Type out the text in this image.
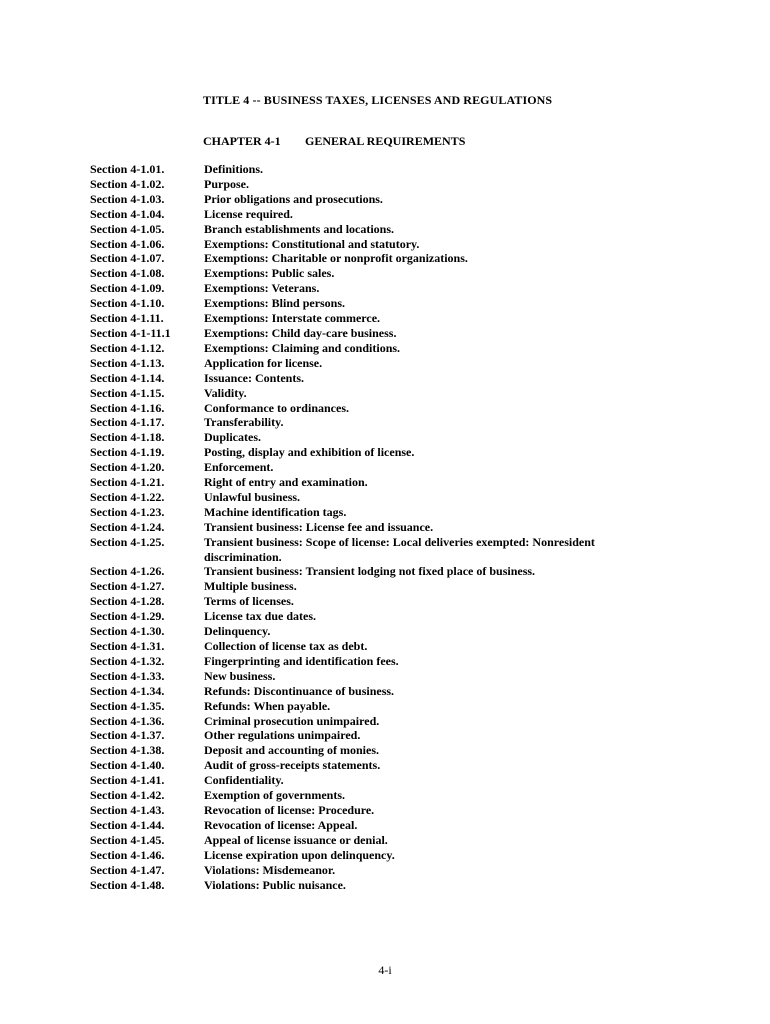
TITLE 4 -- BUSINESS TAXES, LICENSES AND REGULATIONS
CHAPTER 4-1 GENERAL REQUIREMENTS
Section 4-1.01.	Definitions.
Section 4-1.02.	Purpose.
Section 4-1.03.	Prior obligations and prosecutions.
Section 4-1.04.	License required.
Section 4-1.05.	Branch establishments and locations.
Section 4-1.06.	Exemptions: Constitutional and statutory.
Section 4-1.07.	Exemptions: Charitable or nonprofit organizations.
Section 4-1.08.	Exemptions: Public sales.
Section 4-1.09.	Exemptions: Veterans.
Section 4-1.10.	Exemptions: Blind persons.
Section 4-1.11.	Exemptions: Interstate commerce.
Section 4-1-11.1	Exemptions: Child day-care business.
Section 4-1.12.	Exemptions: Claiming and conditions.
Section 4-1.13.	Application for license.
Section 4-1.14.	Issuance: Contents.
Section 4-1.15.	Validity.
Section 4-1.16.	Conformance to ordinances.
Section 4-1.17.	Transferability.
Section 4-1.18.	Duplicates.
Section 4-1.19.	Posting, display and exhibition of license.
Section 4-1.20.	Enforcement.
Section 4-1.21.	Right of entry and examination.
Section 4-1.22.	Unlawful business.
Section 4-1.23.	Machine identification tags.
Section 4-1.24.	Transient business: License fee and issuance.
Section 4-1.25.	Transient business: Scope of license: Local deliveries exempted: Nonresident discrimination.
Section 4-1.26.	Transient business: Transient lodging not fixed place of business.
Section 4-1.27.	Multiple business.
Section 4-1.28.	Terms of licenses.
Section 4-1.29.	License tax due dates.
Section 4-1.30.	Delinquency.
Section 4-1.31.	Collection of license tax as debt.
Section 4-1.32.	Fingerprinting and identification fees.
Section 4-1.33.	New business.
Section 4-1.34.	Refunds: Discontinuance of business.
Section 4-1.35.	Refunds: When payable.
Section 4-1.36.	Criminal prosecution unimpaired.
Section 4-1.37.	Other regulations unimpaired.
Section 4-1.38.	Deposit and accounting of monies.
Section 4-1.40.	Audit of gross-receipts statements.
Section 4-1.41.	Confidentiality.
Section 4-1.42.	Exemption of governments.
Section 4-1.43.	Revocation of license: Procedure.
Section 4-1.44.	Revocation of license: Appeal.
Section 4-1.45.	Appeal of license issuance or denial.
Section 4-1.46.	License expiration upon delinquency.
Section 4-1.47.	Violations: Misdemeanor.
Section 4-1.48.	Violations: Public nuisance.
4-i
